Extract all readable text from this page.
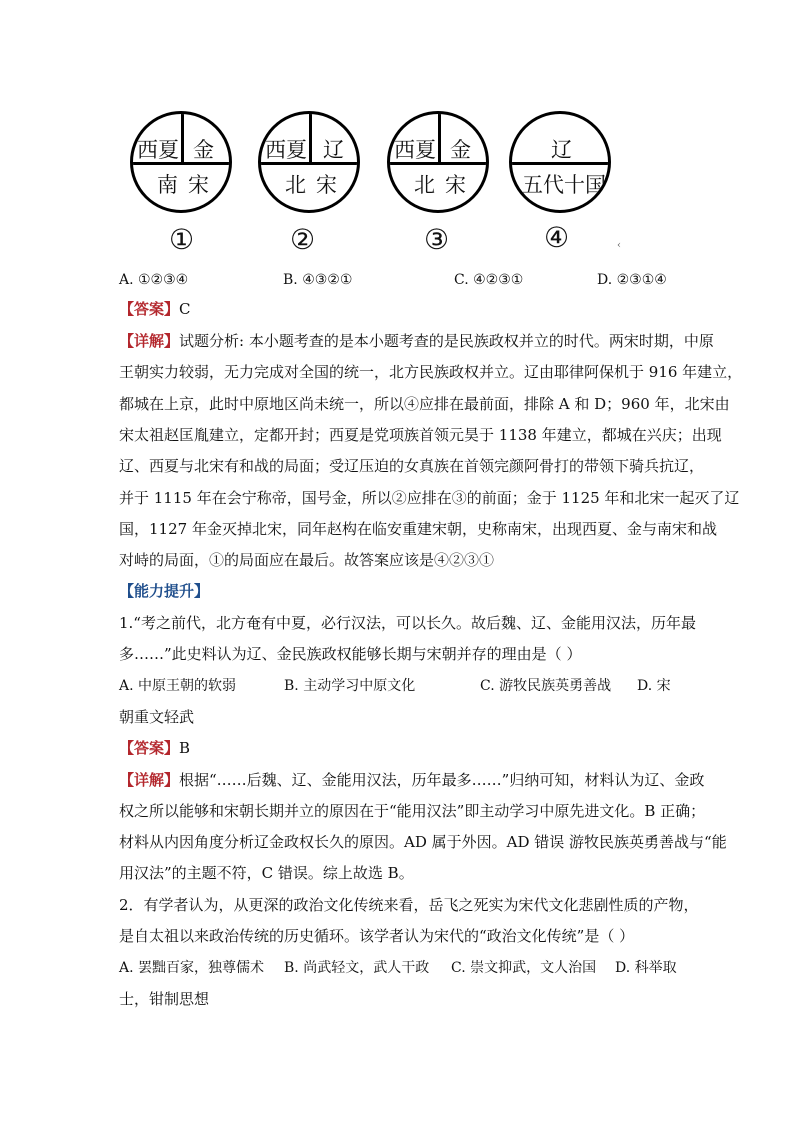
西夏 金
南宋
西夏 辽
北宋
西夏 金
北宋
辽
五代十国
①	②	③	④	‹
A. ①②③④	B. ④③②①	C. ④②③①	D. ②③①④
【答案】C
【详解】试题分析: 本小题考查的是本小题考查的是民族政权并立的时代。两宋时期，中原
王朝实力较弱，无力完成对全国的统一，北方民族政权并立。辽由耶律阿保机于 916 年建立，
都城在上京，此时中原地区尚未统一，所以④应排在最前面，排除 A 和 D；960 年，北宋由
宋太祖赵匡胤建立，定都开封；西夏是党项族首领元昊于 1138 年建立，都城在兴庆；出现
辽、西夏与北宋有和战的局面；受辽压迫的女真族在首领完颜阿骨打的带领下骑兵抗辽，
并于 1115 年在会宁称帝，国号金，所以②应排在③的前面；金于 1125 年和北宋一起灭了辽
国，1127 年金灭掉北宋，同年赵构在临安重建宋朝，史称南宋，出现西夏、金与南宋和战
对峙的局面，①的局面应在最后。故答案应该是④②③①
【能力提升】
1.“考之前代，北方奄有中夏，必行汉法，可以长久。故后魏、辽、金能用汉法，历年最
多……”此史料认为辽、金民族政权能够长期与宋朝并存的理由是（ ）
A. 中原王朝的软弱	B. 主动学习中原文化	C. 游牧民族英勇善战 D. 宋
朝重文轻武
【答案】B
【详解】根据“……后魏、辽、金能用汉法，历年最多……”归纳可知，材料认为辽、金政
权之所以能够和宋朝长期并立的原因在于“能用汉法”即主动学习中原先进文化。B 正确；
材料从内因角度分析辽金政权长久的原因。AD 属于外因。AD 错误 游牧民族英勇善战与“能
用汉法”的主题不符，C 错误。综上故选 B。
2．有学者认为，从更深的政治文化传统来看，岳飞之死实为宋代文化悲剧性质的产物，
是自太祖以来政治传统的历史循环。该学者认为宋代的“政治文化传统”是（ ）
A. 罢黜百家，独尊儒术 B. 尚武轻文，武人干政 C. 崇文抑武，文人治国 D. 科举取
士，钳制思想
